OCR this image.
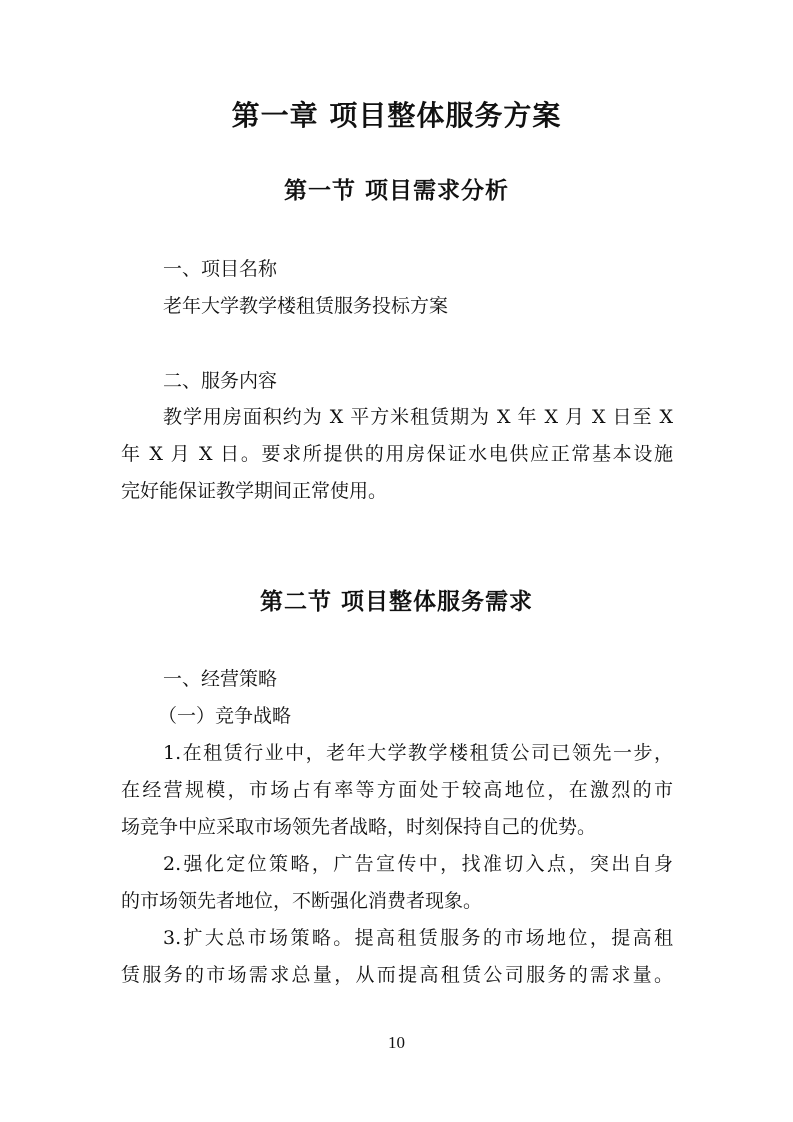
第一章 项目整体服务方案
第一节 项目需求分析
一、项目名称
老年大学教学楼租赁服务投标方案
二、服务内容
教学用房面积约为 X 平方米租赁期为 X 年 X 月 X 日至 X
年 X 月 X 日。要求所提供的用房保证水电供应正常基本设施
完好能保证教学期间正常使用。
第二节 项目整体服务需求
一、经营策略
（一）竞争战略
1.在租赁行业中，老年大学教学楼租赁公司已领先一步，
在经营规模，市场占有率等方面处于较高地位，在激烈的市
场竞争中应采取市场领先者战略，时刻保持自己的优势。
2.强化定位策略，广告宣传中，找准切入点，突出自身
的市场领先者地位，不断强化消费者现象。
3.扩大总市场策略。提高租赁服务的市场地位，提高租
赁服务的市场需求总量，从而提高租赁公司服务的需求量。
10
